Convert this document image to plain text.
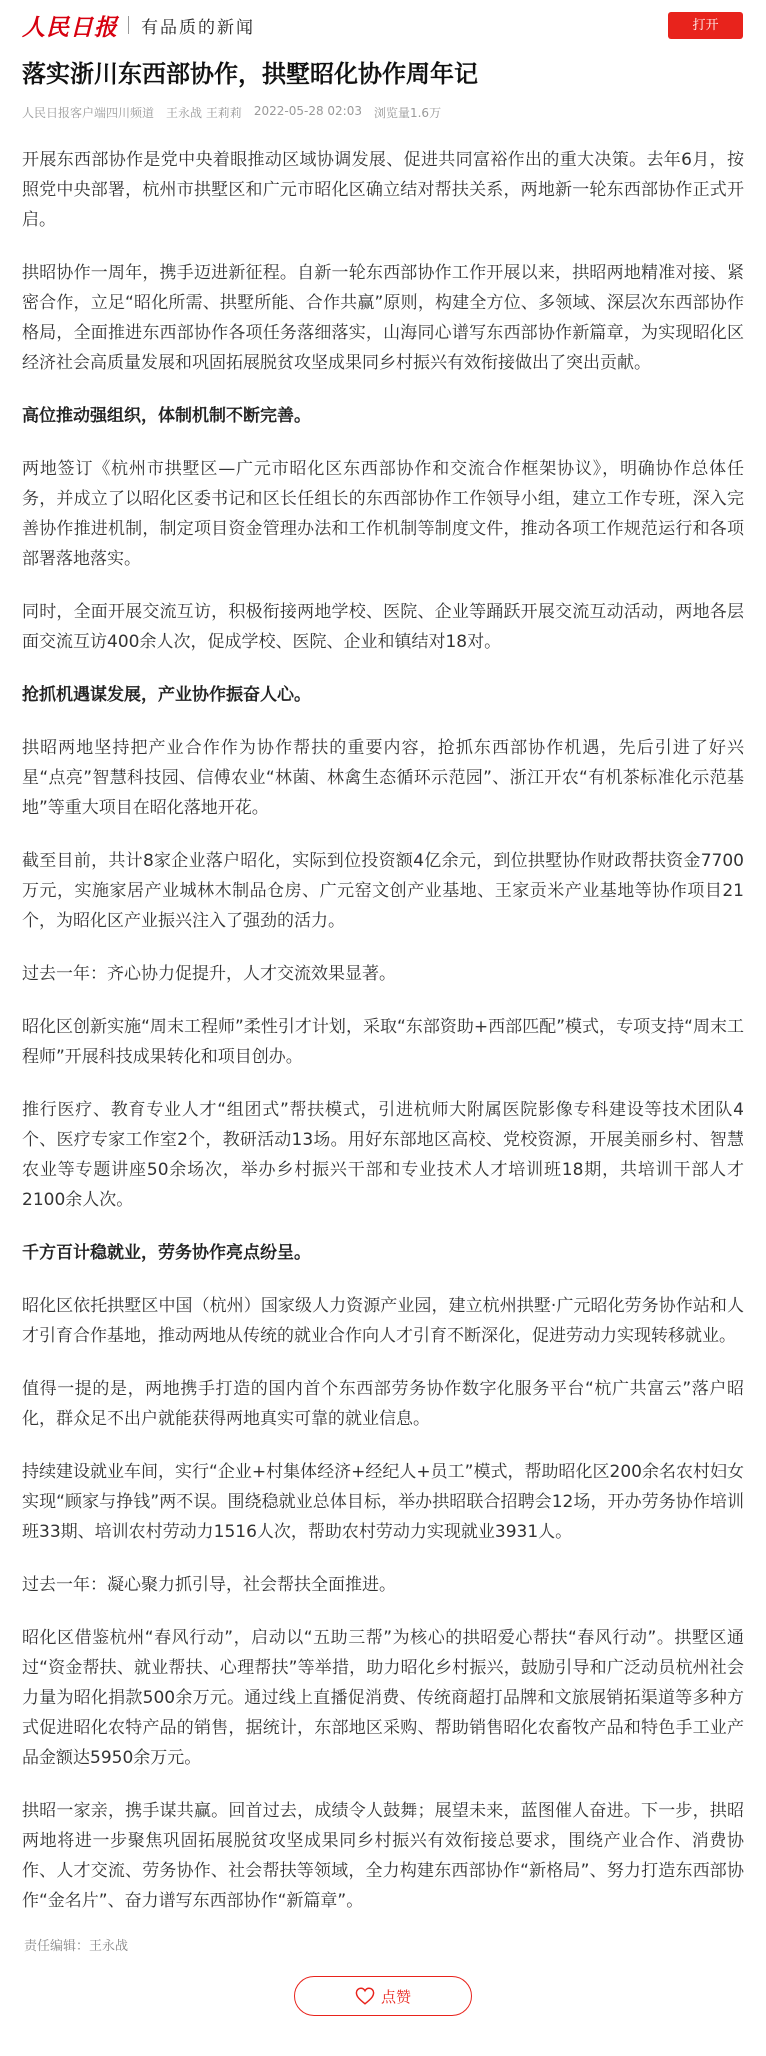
人民日报 有品质的新闻	打开
落实浙川东西部协作，拱墅昭化协作周年记
人民日报客户端四川频道 王永战 王莉莉 2022-05-28 02:03 浏览量1.6万

开展东西部协作是党中央着眼推动区域协调发展、促进共同富裕作出的重大决策。去年6月，按照党中央部署，杭州市拱墅区和广元市昭化区确立结对帮扶关系，两地新一轮东西部协作正式开启。

拱昭协作一周年，携手迈进新征程。自新一轮东西部协作工作开展以来，拱昭两地精准对接、紧密合作，立足“昭化所需、拱墅所能、合作共赢”原则，构建全方位、多领域、深层次东西部协作格局，全面推进东西部协作各项任务落细落实，山海同心谱写东西部协作新篇章，为实现昭化区经济社会高质量发展和巩固拓展脱贫攻坚成果同乡村振兴有效衔接做出了突出贡献。

高位推动强组织，体制机制不断完善。

两地签订《杭州市拱墅区—广元市昭化区东西部协作和交流合作框架协议》，明确协作总体任务，并成立了以昭化区委书记和区长任组长的东西部协作工作领导小组，建立工作专班，深入完善协作推进机制，制定项目资金管理办法和工作机制等制度文件，推动各项工作规范运行和各项部署落地落实。

同时，全面开展交流互访，积极衔接两地学校、医院、企业等踊跃开展交流互动活动，两地各层面交流互访400余人次，促成学校、医院、企业和镇结对18对。

抢抓机遇谋发展，产业协作振奋人心。

拱昭两地坚持把产业合作作为协作帮扶的重要内容，抢抓东西部协作机遇，先后引进了好兴星“点亮”智慧科技园、信傅农业“林菌、林禽生态循环示范园”、浙江开农“有机茶标准化示范基地”等重大项目在昭化落地开花。

截至目前，共计8家企业落户昭化，实际到位投资额4亿余元，到位拱墅协作财政帮扶资金7700万元，实施家居产业城林木制品仓房、广元窑文创产业基地、王家贡米产业基地等协作项目21个，为昭化区产业振兴注入了强劲的活力。

过去一年：齐心协力促提升，人才交流效果显著。

昭化区创新实施“周末工程师”柔性引才计划，采取“东部资助+西部匹配”模式，专项支持“周末工程师”开展科技成果转化和项目创办。

推行医疗、教育专业人才“组团式”帮扶模式，引进杭师大附属医院影像专科建设等技术团队4个、医疗专家工作室2个，教研活动13场。用好东部地区高校、党校资源，开展美丽乡村、智慧农业等专题讲座50余场次，举办乡村振兴干部和专业技术人才培训班18期，共培训干部人才2100余人次。

千方百计稳就业，劳务协作亮点纷呈。

昭化区依托拱墅区中国（杭州）国家级人力资源产业园，建立杭州拱墅·广元昭化劳务协作站和人才引育合作基地，推动两地从传统的就业合作向人才引育不断深化，促进劳动力实现转移就业。

值得一提的是，两地携手打造的国内首个东西部劳务协作数字化服务平台“杭广共富云”落户昭化，群众足不出户就能获得两地真实可靠的就业信息。

持续建设就业车间，实行“企业+村集体经济+经纪人+员工”模式，帮助昭化区200余名农村妇女实现“顾家与挣钱”两不误。围绕稳就业总体目标，举办拱昭联合招聘会12场，开办劳务协作培训班33期、培训农村劳动力1516人次，帮助农村劳动力实现就业3931人。

过去一年：凝心聚力抓引导，社会帮扶全面推进。

昭化区借鉴杭州“春风行动”，启动以“五助三帮”为核心的拱昭爱心帮扶“春风行动”。拱墅区通过“资金帮扶、就业帮扶、心理帮扶”等举措，助力昭化乡村振兴，鼓励引导和广泛动员杭州社会力量为昭化捐款500余万元。通过线上直播促消费、传统商超打品牌和文旅展销拓渠道等多种方式促进昭化农特产品的销售，据统计，东部地区采购、帮助销售昭化农畜牧产品和特色手工业产品金额达5950余万元。

拱昭一家亲，携手谋共赢。回首过去，成绩令人鼓舞；展望未来，蓝图催人奋进。下一步，拱昭两地将进一步聚焦巩固拓展脱贫攻坚成果同乡村振兴有效衔接总要求，围绕产业合作、消费协作、人才交流、劳务协作、社会帮扶等领域，全力构建东西部协作“新格局”、努力打造东西部协作“金名片”、奋力谱写东西部协作“新篇章”。

责任编辑：王永战
点赞
